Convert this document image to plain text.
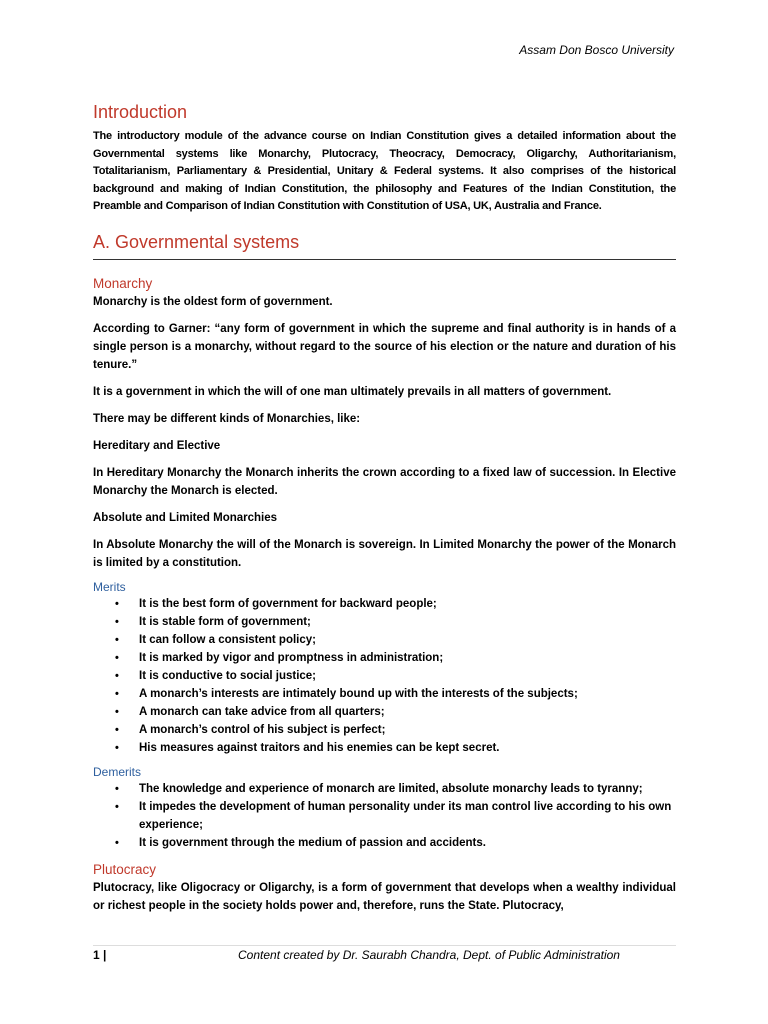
Assam Don Bosco University
Introduction

The introductory module of the advance course on Indian Constitution gives a detailed information about the Governmental systems like Monarchy, Plutocracy, Theocracy, Democracy, Oligarchy, Authoritarianism, Totalitarianism, Parliamentary & Presidential, Unitary & Federal systems. It also comprises of the historical background and making of Indian Constitution, the philosophy and Features of the Indian Constitution, the Preamble and Comparison of Indian Constitution with Constitution of USA, UK, Australia and France.

A. Governmental systems
Monarchy

Monarchy is the oldest form of government.

According to Garner: “any form of government in which the supreme and final authority is in hands of a single person is a monarchy, without regard to the source of his election or the nature and duration of his tenure.”

It is a government in which the will of one man ultimately prevails in all matters of government.

There may be different kinds of Monarchies, like:

Hereditary and Elective

In Hereditary Monarchy the Monarch inherits the crown according to a fixed law of succession. In Elective Monarchy the Monarch is elected.

Absolute and Limited Monarchies

In Absolute Monarchy the will of the Monarch is sovereign. In Limited Monarchy the power of the Monarch is limited by a constitution.

Merits
• It is the best form of government for backward people;
• It is stable form of government;
• It can follow a consistent policy;
• It is marked by vigor and promptness in administration;
• It is conductive to social justice;
• A monarch’s interests are intimately bound up with the interests of the subjects;
• A monarch can take advice from all quarters;
• A monarch’s control of his subject is perfect;
• His measures against traitors and his enemies can be kept secret.
Demerits
• The knowledge and experience of monarch are limited, absolute monarchy leads to tyranny;
• It impedes the development of human personality under its man control live according to his own experience;
• It is government through the medium of passion and accidents.
Plutocracy

Plutocracy, like Oligocracy or Oligarchy, is a form of government that develops when a wealthy individual or richest people in the society holds power and, therefore, runs the State. Plutocracy,

1 |	Content created by Dr. Saurabh Chandra, Dept. of Public Administration
